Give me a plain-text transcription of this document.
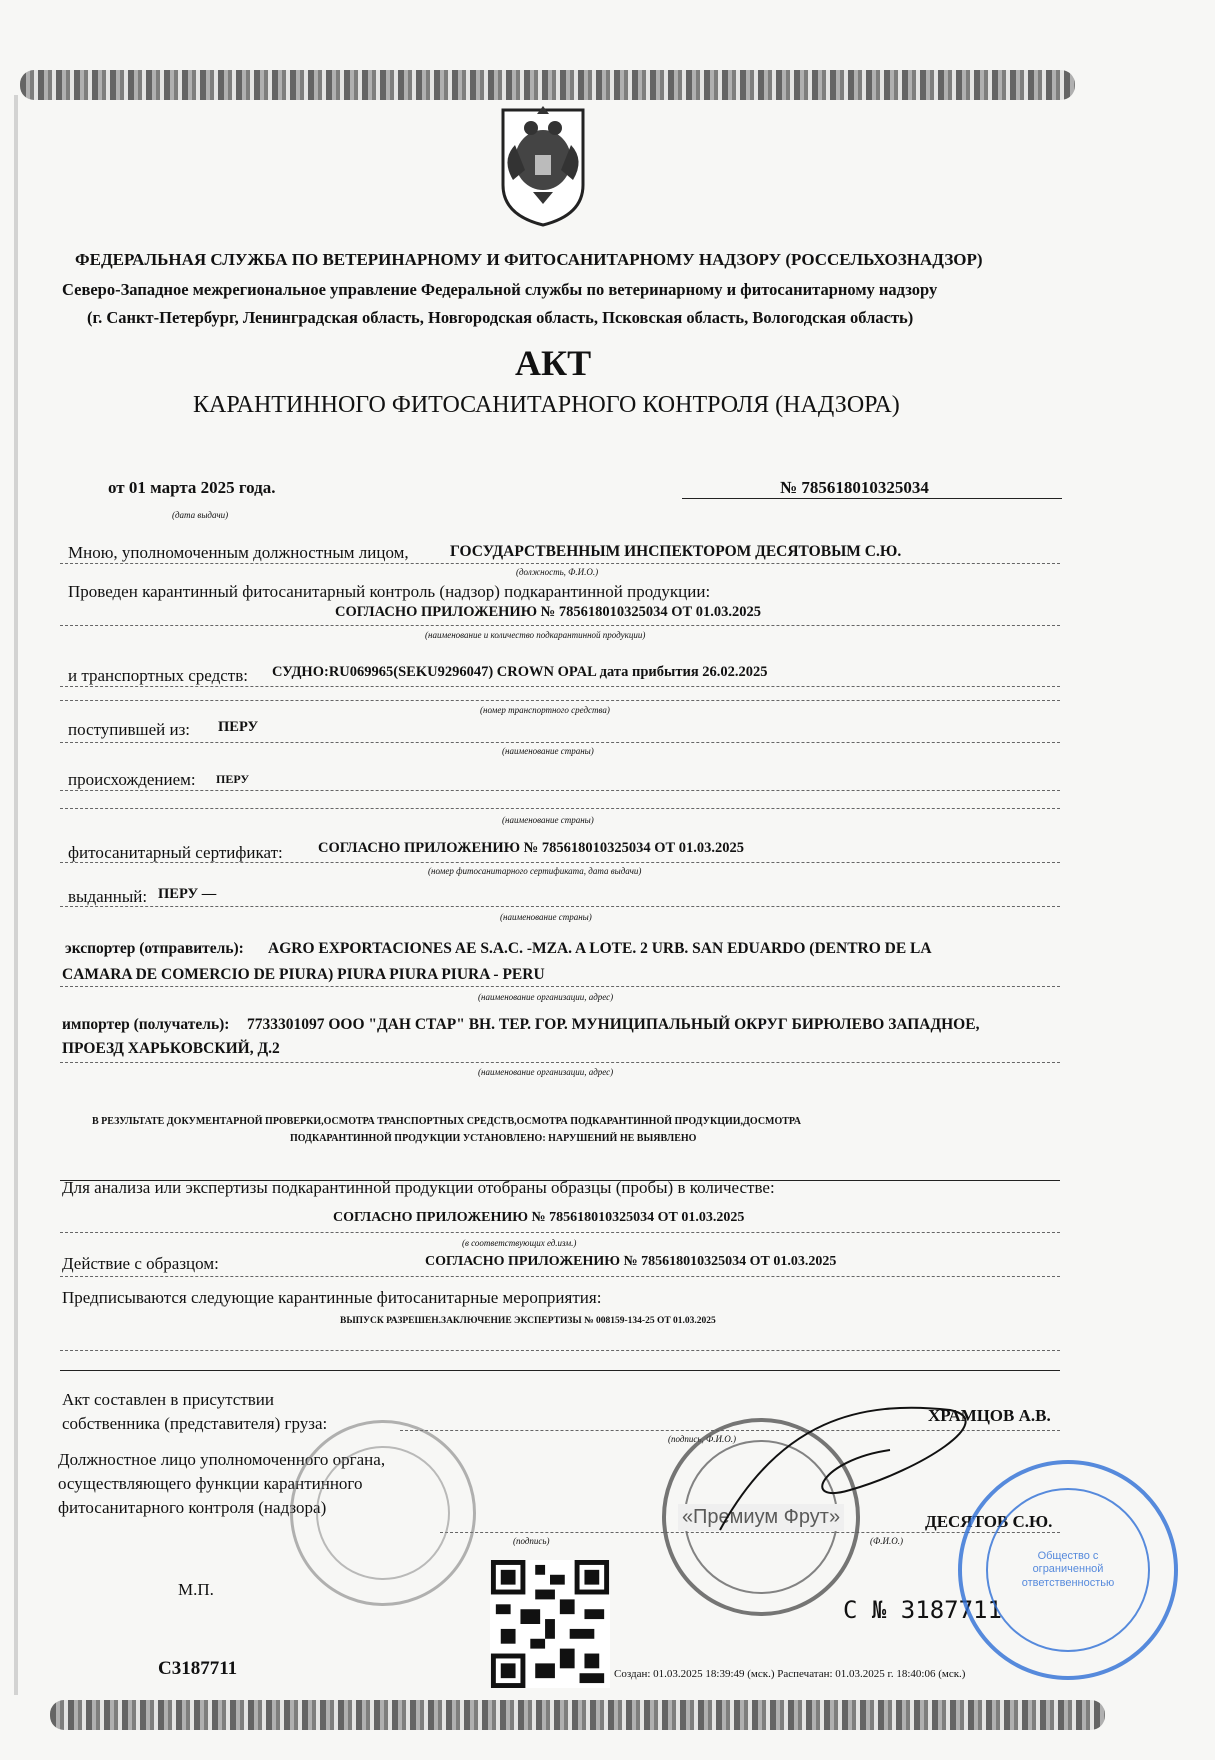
ФЕДЕРАЛЬНАЯ СЛУЖБА ПО ВЕТЕРИНАРНОМУ И ФИТОСАНИТАРНОМУ НАДЗОРУ (РОССЕЛЬХОЗНАДЗОР)
Северо-Западное межрегиональное управление Федеральной службы по ветеринарному и фитосанитарному надзору
(г. Санкт-Петербург, Ленинградская область, Новгородская область, Псковская область, Вологодская область)
АКТ
КАРАНТИННОГО ФИТОСАНИТАРНОГО КОНТРОЛЯ (НАДЗОРА)
от 01 марта 2025 года.
(дата выдачи)
№ 785618010325034
Мною, уполномоченным должностным лицом,	ГОСУДАРСТВЕННЫМ ИНСПЕКТОРОМ ДЕСЯТОВЫМ С.Ю.
(должность, Ф.И.О.)
Проведен карантинный фитосанитарный контроль (надзор) подкарантинной продукции:
СОГЛАСНО ПРИЛОЖЕНИЮ № 785618010325034 ОТ 01.03.2025
(наименование и количество подкарантинной продукции)
и транспортных средств: СУДНО:RU069965(SEKU9296047) CROWN OPAL дата прибытия 26.02.2025
(номер транспортного средства)
поступившей из: ПЕРУ
(наименование страны)
происхождением: ПЕРУ
(наименование страны)
фитосанитарный сертификат: СОГЛАСНО ПРИЛОЖЕНИЮ № 785618010325034 ОТ 01.03.2025
(номер фитосанитарного сертификата, дата выдачи)
выданный: ПЕРУ —
(наименование страны)
экспортер (отправитель): AGRO EXPORTACIONES AE S.A.C. -MZA. A LOTE. 2 URB. SAN EDUARDO (DENTRO DE LA
CAMARA DE COMERCIO DE PIURA) PIURA PIURA PIURA - PERU
(наименование организации, адрес)
импортер (получатель): 7733301097 ООО "ДАН СТАР" ВН. ТЕР. ГОР. МУНИЦИПАЛЬНЫЙ ОКРУГ БИРЮЛЕВО ЗАПАДНОЕ,
ПРОЕЗД ХАРЬКОВСКИЙ, Д.2
(наименование организации, адрес)
В РЕЗУЛЬТАТЕ ДОКУМЕНТАРНОЙ ПРОВЕРКИ,ОСМОТРА ТРАНСПОРТНЫХ СРЕДСТВ,ОСМОТРА ПОДКАРАНТИННОЙ ПРОДУКЦИИ,ДОСМОТРА
ПОДКАРАНТИННОЙ ПРОДУКЦИИ УСТАНОВЛЕНО: НАРУШЕНИЙ НЕ ВЫЯВЛЕНО
Для анализа или экспертизы подкарантинной продукции отобраны образцы (пробы) в количестве:
СОГЛАСНО ПРИЛОЖЕНИЮ № 785618010325034 ОТ 01.03.2025
(в соответствующих ед.изм.)
Действие с образцом:	СОГЛАСНО ПРИЛОЖЕНИЮ № 785618010325034 ОТ 01.03.2025
Предписываются следующие карантинные фитосанитарные мероприятия:
ВЫПУСК РАЗРЕШЕН.ЗАКЛЮЧЕНИЕ ЭКСПЕРТИЗЫ № 008159-134-25 ОТ 01.03.2025
Акт составлен в присутствии
собственника (представителя) груза:	ХРАМЦОВ А.В.
(подпись, Ф.И.О.)
Должностное лицо уполномоченного органа,
осуществляющего функции карантинного
фитосанитарного контроля (надзора)
ДЕСЯТОВ С.Ю.
(подпись)	(Ф.И.О.)
М.П.
С3187711
С № 3187711
Создан: 01.03.2025 18:39:49 (мск.) Распечатан: 01.03.2025 г. 18:40:06 (мск.)
«Премиум Фрут»
Общество с ограниченной ответственностью
